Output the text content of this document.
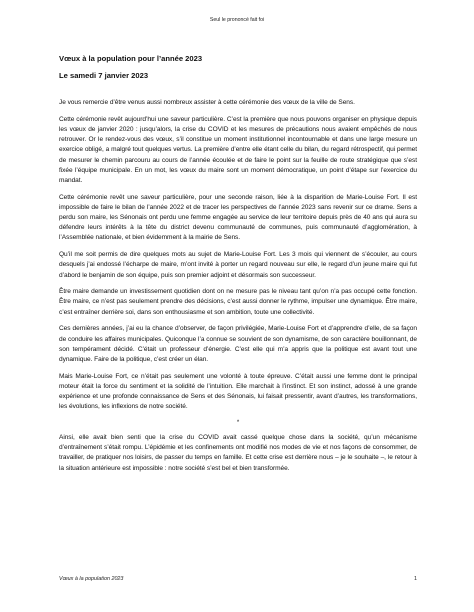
Seul le prononcé fait foi
Vœux à la population pour l’année 2023

Le samedi 7 janvier 2023

Je vous remercie d’être venus aussi nombreux assister à cette cérémonie des vœux de la ville de Sens.

Cette cérémonie revêt aujourd’hui une saveur particulière. C’est la première que nous pouvons organiser en physique depuis les vœux de janvier 2020 : jusqu’alors, la crise du COVID et les mesures de précautions nous avaient empêchés de nous retrouver. Or le rendez-vous des vœux, s’il constitue un moment institutionnel incontournable et dans une large mesure un exercice obligé, a malgré tout quelques vertus. La première d’entre elle étant celle du bilan, du regard rétrospectif, qui permet de mesurer le chemin parcouru au cours de l’année écoulée et de faire le point sur la feuille de route stratégique que s’est fixée l’équipe municipale. En un mot, les vœux du maire sont un moment démocratique, un point d’étape sur l’exercice du mandat.

Cette cérémonie revêt une saveur particulière, pour une seconde raison, liée à la disparition de Marie-Louise Fort. Il est impossible de faire le bilan de l’année 2022 et de tracer les perspectives de l’année 2023 sans revenir sur ce drame. Sens a perdu son maire, les Sénonais ont perdu une femme engagée au service de leur territoire depuis près de 40 ans qui aura su défendre leurs intérêts à la tête du district devenu communauté de communes, puis communauté d’agglomération, à l’Assemblée nationale, et bien évidemment à la mairie de Sens.

Qu’il me soit permis de dire quelques mots au sujet de Marie-Louise Fort. Les 3 mois qui viennent de s’écouler, au cours desquels j’ai endossé l’écharpe de maire, m’ont invité à porter un regard nouveau sur elle, le regard d’un jeune maire qui fut d’abord le benjamin de son équipe, puis son premier adjoint et désormais son successeur.

Être maire demande un investissement quotidien dont on ne mesure pas le niveau tant qu’on n’a pas occupé cette fonction. Être maire, ce n’est pas seulement prendre des décisions, c’est aussi donner le rythme, impulser une dynamique. Être maire, c’est entraîner derrière soi, dans son enthousiasme et son ambition, toute une collectivité.

Ces dernières années, j’ai eu la chance d’observer, de façon privilégiée, Marie-Louise Fort et d’apprendre d’elle, de sa façon de conduire les affaires municipales. Quiconque l’a connue se souvient de son dynamisme, de son caractère bouillonnant, de son tempérament décidé. C’était un professeur d’énergie. C’est elle qui m’a appris que la politique est avant tout une dynamique. Faire de la politique, c’est créer un élan.

Mais Marie-Louise Fort, ce n’était pas seulement une volonté à toute épreuve. C’était aussi une femme dont le principal moteur était la force du sentiment et la solidité de l’intuition. Elle marchait à l’instinct. Et son instinct, adossé à une grande expérience et une profonde connaissance de Sens et des Sénonais, lui faisait pressentir, avant d’autres, les transformations, les évolutions, les inflexions de notre société.

*

Ainsi, elle avait bien senti que la crise du COVID avait cassé quelque chose dans la société, qu’un mécanisme d’entraînement s’était rompu. L’épidémie et les confinements ont modifié nos modes de vie et nos façons de consommer, de travailler, de pratiquer nos loisirs, de passer du temps en famille. Et cette crise est derrière nous – je le souhaite –, le retour à la situation antérieure est impossible : notre société s’est bel et bien transformée.

Vœux à la population 2023	1
